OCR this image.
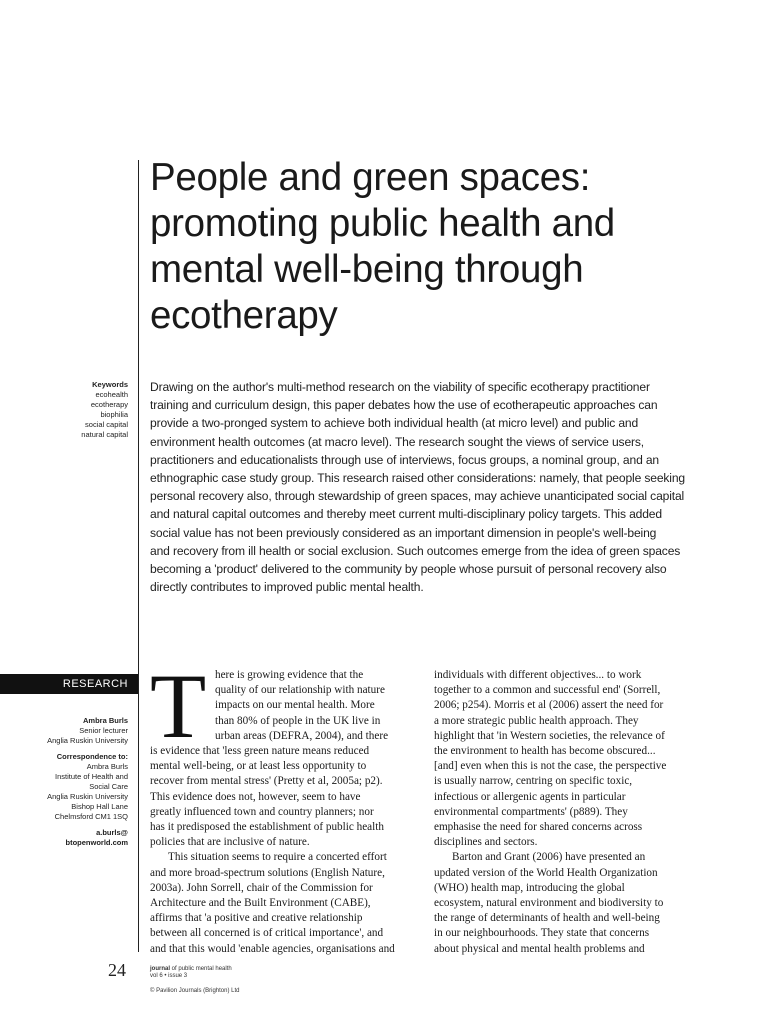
People and green spaces:
promoting public health and
mental well-being through
ecotherapy
Keywords
ecohealth
ecotherapy
biophilia
social capital
natural capital
Drawing on the author's multi-method research on the viability of specific ecotherapy practitioner
training and curriculum design, this paper debates how the use of ecotherapeutic approaches can
provide a two-pronged system to achieve both individual health (at micro level) and public and
environment health outcomes (at macro level). The research sought the views of service users,
practitioners and educationalists through use of interviews, focus groups, a nominal group, and an
ethnographic case study group. This research raised other considerations: namely, that people seeking
personal recovery also, through stewardship of green spaces, may achieve unanticipated social capital
and natural capital outcomes and thereby meet current multi-disciplinary policy targets. This added
social value has not been previously considered as an important dimension in people's well-being
and recovery from ill health or social exclusion. Such outcomes emerge from the idea of green spaces
becoming a 'product' delivered to the community by people whose pursuit of personal recovery also
directly contributes to improved public mental health.
RESEARCH
Ambra Burls
Senior lecturer
Anglia Ruskin University
Correspondence to:
Ambra Burls
Institute of Health and
Social Care
Anglia Ruskin University
Bishop Hall Lane
Chelmsford CM1 1SQ
a.burls@
btopenworld.com
T here is growing evidence that the
quality of our relationship with nature
impacts on our mental health. More
than 80% of people in the UK live in
urban areas (DEFRA, 2004), and there
is evidence that 'less green nature means reduced
mental well-being, or at least less opportunity to
recover from mental stress' (Pretty et al, 2005a; p2).
This evidence does not, however, seem to have
greatly influenced town and country planners; nor
has it predisposed the establishment of public health
policies that are inclusive of nature.
This situation seems to require a concerted effort
and more broad-spectrum solutions (English Nature,
2003a). John Sorrell, chair of the Commission for
Architecture and the Built Environment (CABE),
affirms that 'a positive and creative relationship
between all concerned is of critical importance', and
and that this would 'enable agencies, organisations and
individuals with different objectives... to work
together to a common and successful end' (Sorrell,
2006; p254). Morris et al (2006) assert the need for
a more strategic public health approach. They
highlight that 'in Western societies, the relevance of
the environment to health has become obscured...
[and] even when this is not the case, the perspective
is usually narrow, centring on specific toxic,
infectious or allergenic agents in particular
environmental compartments' (p889). They
emphasise the need for shared concerns across
disciplines and sectors.
Barton and Grant (2006) have presented an
updated version of the World Health Organization
(WHO) health map, introducing the global
ecosystem, natural environment and biodiversity to
the range of determinants of health and well-being
in our neighbourhoods. They state that concerns
about physical and mental health problems and
24	journal of public mental health
vol 6 • issue 3
© Pavilion Journals (Brighton) Ltd
